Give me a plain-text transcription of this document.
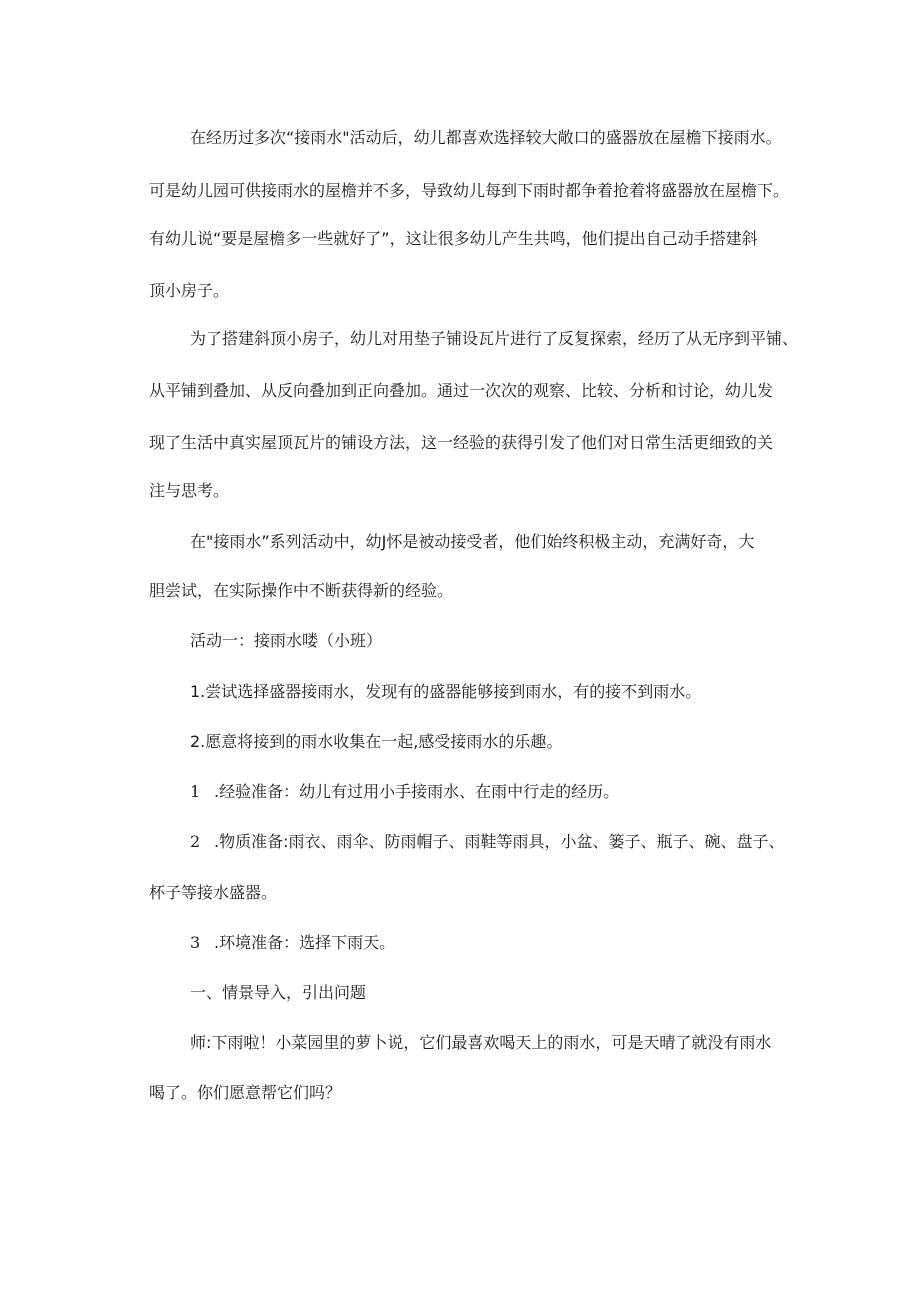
在经历过多次“接雨水"活动后，幼儿都喜欢选择较大敞口的盛器放在屋檐下接雨水。

可是幼儿园可供接雨水的屋檐并不多，导致幼儿每到下雨时都争着抢着将盛器放在屋檐下。

有幼儿说“要是屋檐多一些就好了”，这让很多幼儿产生共鸣，他们提出自己动手搭建斜

顶小房子。

为了搭建斜顶小房子，幼儿对用垫子铺设瓦片进行了反复探索，经历了从无序到平铺、

从平铺到叠加、从反向叠加到正向叠加。通过一次次的观察、比较、分析和讨论，幼儿发

现了生活中真实屋顶瓦片的铺设方法，这一经验的获得引发了他们对日常生活更细致的关

注与思考。

在"接雨水”系列活动中，幼J怀是被动接受者，他们始终积极主动，充满好奇，大

胆尝试，在实际操作中不断获得新的经验。

活动一：接雨水喽（小班）

1.尝试选择盛器接雨水，发现有的盛器能够接到雨水，有的接不到雨水。

2.愿意将接到的雨水收集在一起,感受接雨水的乐趣。

1 .经验准备：幼儿有过用小手接雨水、在雨中行走的经历。

2 .物质准备:雨衣、雨伞、防雨帽子、雨鞋等雨具，小盆、篓子、瓶子、碗、盘子、

杯子等接水盛器。

3 .环境准备：选择下雨天。

一、情景导入，引出问题

师:下雨啦！小菜园里的萝卜说，它们最喜欢喝天上的雨水，可是天晴了就没有雨水

喝了。你们愿意帮它们吗？
